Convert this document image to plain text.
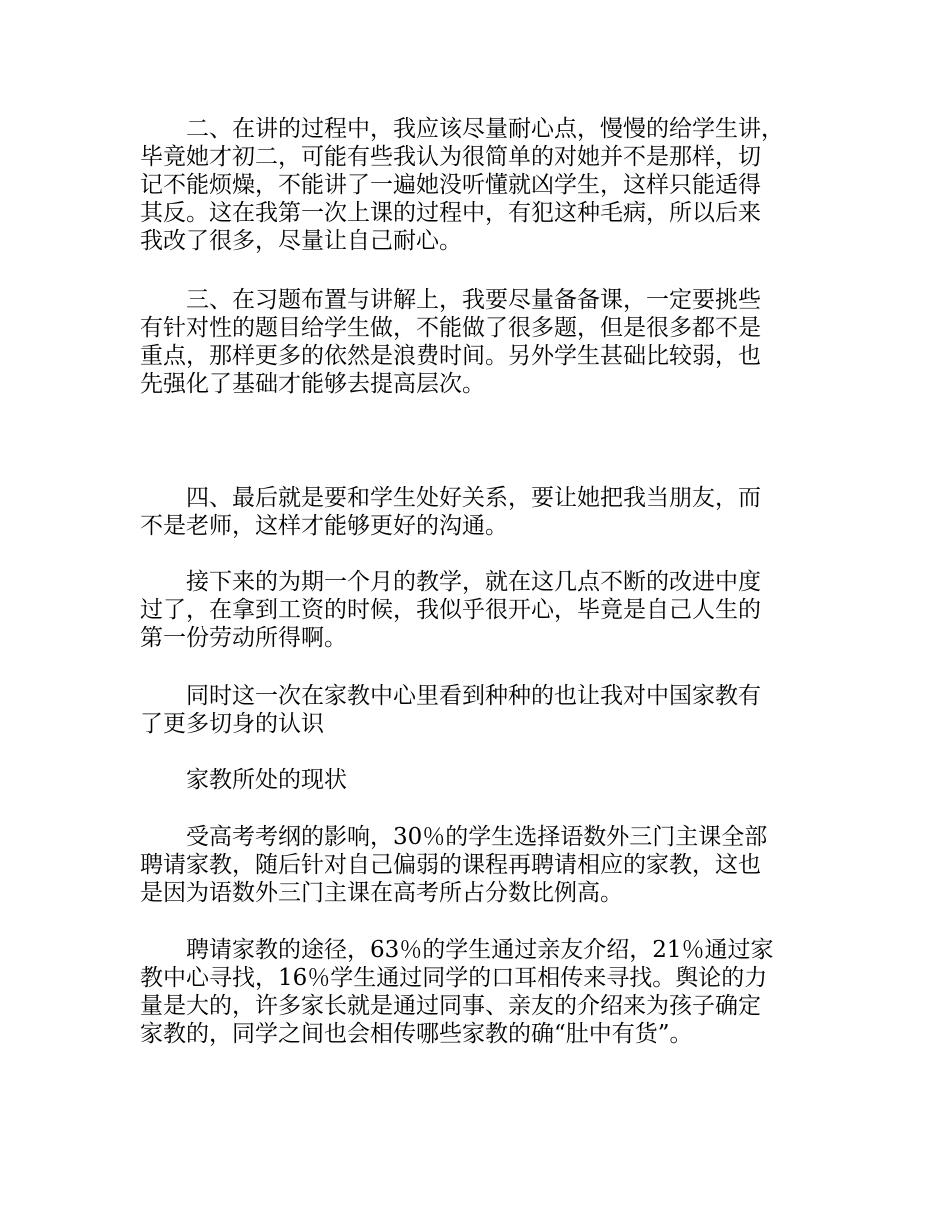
　　二、在讲的过程中，我应该尽量耐心点，慢慢的给学生讲，
毕竟她才初二，可能有些我认为很简单的对她并不是那样，切
记不能烦燥，不能讲了一遍她没听懂就凶学生，这样只能适得
其反。这在我第一次上课的过程中，有犯这种毛病，所以后来
我改了很多，尽量让自己耐心。

　　三、在习题布置与讲解上，我要尽量备备课，一定要挑些
有针对性的题目给学生做，不能做了很多题，但是很多都不是
重点，那样更多的依然是浪费时间。另外学生甚础比较弱，也
先强化了基础才能够去提高层次。

　　四、最后就是要和学生处好关系，要让她把我当朋友，而
不是老师，这样才能够更好的沟通。

　　接下来的为期一个月的教学，就在这几点不断的改进中度
过了，在拿到工资的时候，我似乎很开心，毕竟是自己人生的
第一份劳动所得啊。

　　同时这一次在家教中心里看到种种的也让我对中国家教有
了更多切身的认识

　　家教所处的现状

　　受高考考纲的影响，30％的学生选择语数外三门主课全部
聘请家教，随后针对自己偏弱的课程再聘请相应的家教，这也
是因为语数外三门主课在高考所占分数比例高。

　　聘请家教的途径，63％的学生通过亲友介绍，21％通过家
教中心寻找，16％学生通过同学的口耳相传来寻找。舆论的力
量是大的，许多家长就是通过同事、亲友的介绍来为孩子确定
家教的，同学之间也会相传哪些家教的确“肚中有货”。
